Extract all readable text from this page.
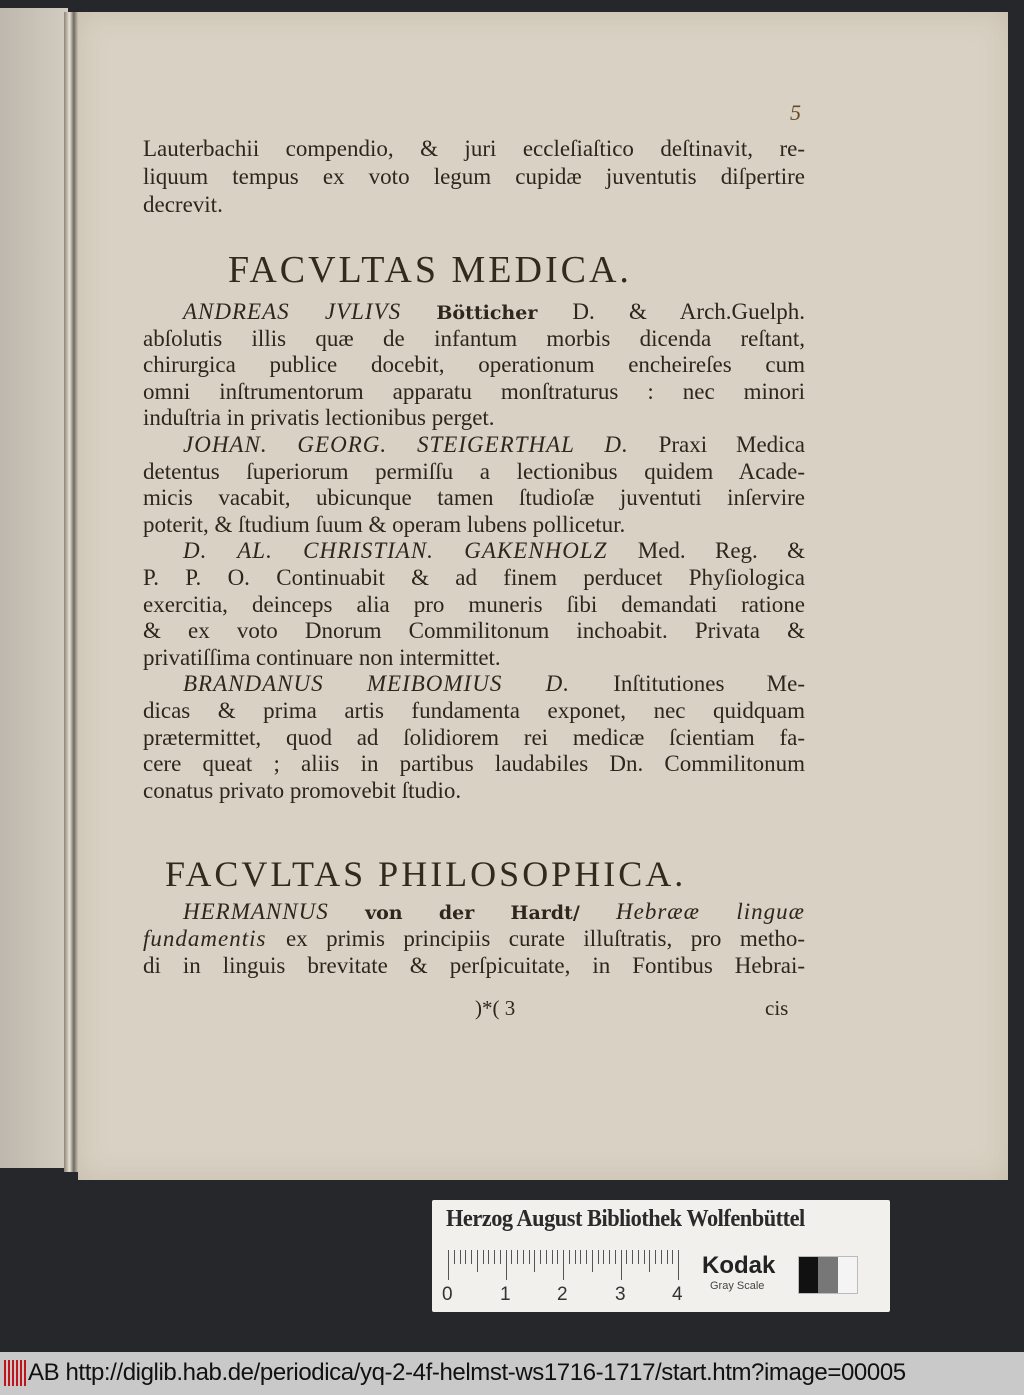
5
FACVLTAS MEDICA.
FACVLTAS PHILOSOPHICA.
)*( 3	cis
Lauterbachii compendio, & juri eccleſiaſtico deſtinavit, re-
liquum tempus ex voto legum cupidæ juventutis diſpertire
decrevit.
ANDREAS JVLIVS Bötticher D. & Arch.Guelph.
abſolutis illis quæ de infantum morbis dicenda reſtant,
chirurgica publice docebit, operationum encheireſes cum
omni inſtrumentorum apparatu monſtraturus : nec minori
induſtria in privatis lectionibus perget.
JOHAN. GEORG. STEIGERTHAL D. Praxi Medica
detentus ſuperiorum permiſſu a lectionibus quidem Acade-
micis vacabit, ubicunque tamen ſtudioſæ juventuti inſervire
poterit, & ſtudium ſuum & operam lubens pollicetur.
D. AL. CHRISTIAN. GAKENHOLZ Med. Reg. &
P. P. O. Continuabit & ad finem perducet Phyſiologica
exercitia, deinceps alia pro muneris ſibi demandati ratione
& ex voto Dnorum Commilitonum inchoabit. Privata &
privatiſſima continuare non intermittet.
BRANDANUS MEIBOMIUS D. Inſtitutiones Me-
dicas & prima artis fundamenta exponet, nec quidquam
prætermittet, quod ad ſolidiorem rei medicæ ſcientiam fa-
cere queat ; aliis in partibus laudabiles Dn. Commilitonum
conatus privato promovebit ſtudio.
HERMANNUS von der Hardt/ Hebrææ linguæ
fundamentis ex primis principiis curate illuſtratis, pro metho-
di in linguis brevitate & perſpicuitate, in Fontibus Hebrai-
Herzog August Bibliothek Wolfenbüttel
0 1 2 3 4
Kodak
Gray Scale
AB http://diglib.hab.de/periodica/yq-2-4f-helmst-ws1716-1717/start.htm?image=00005
